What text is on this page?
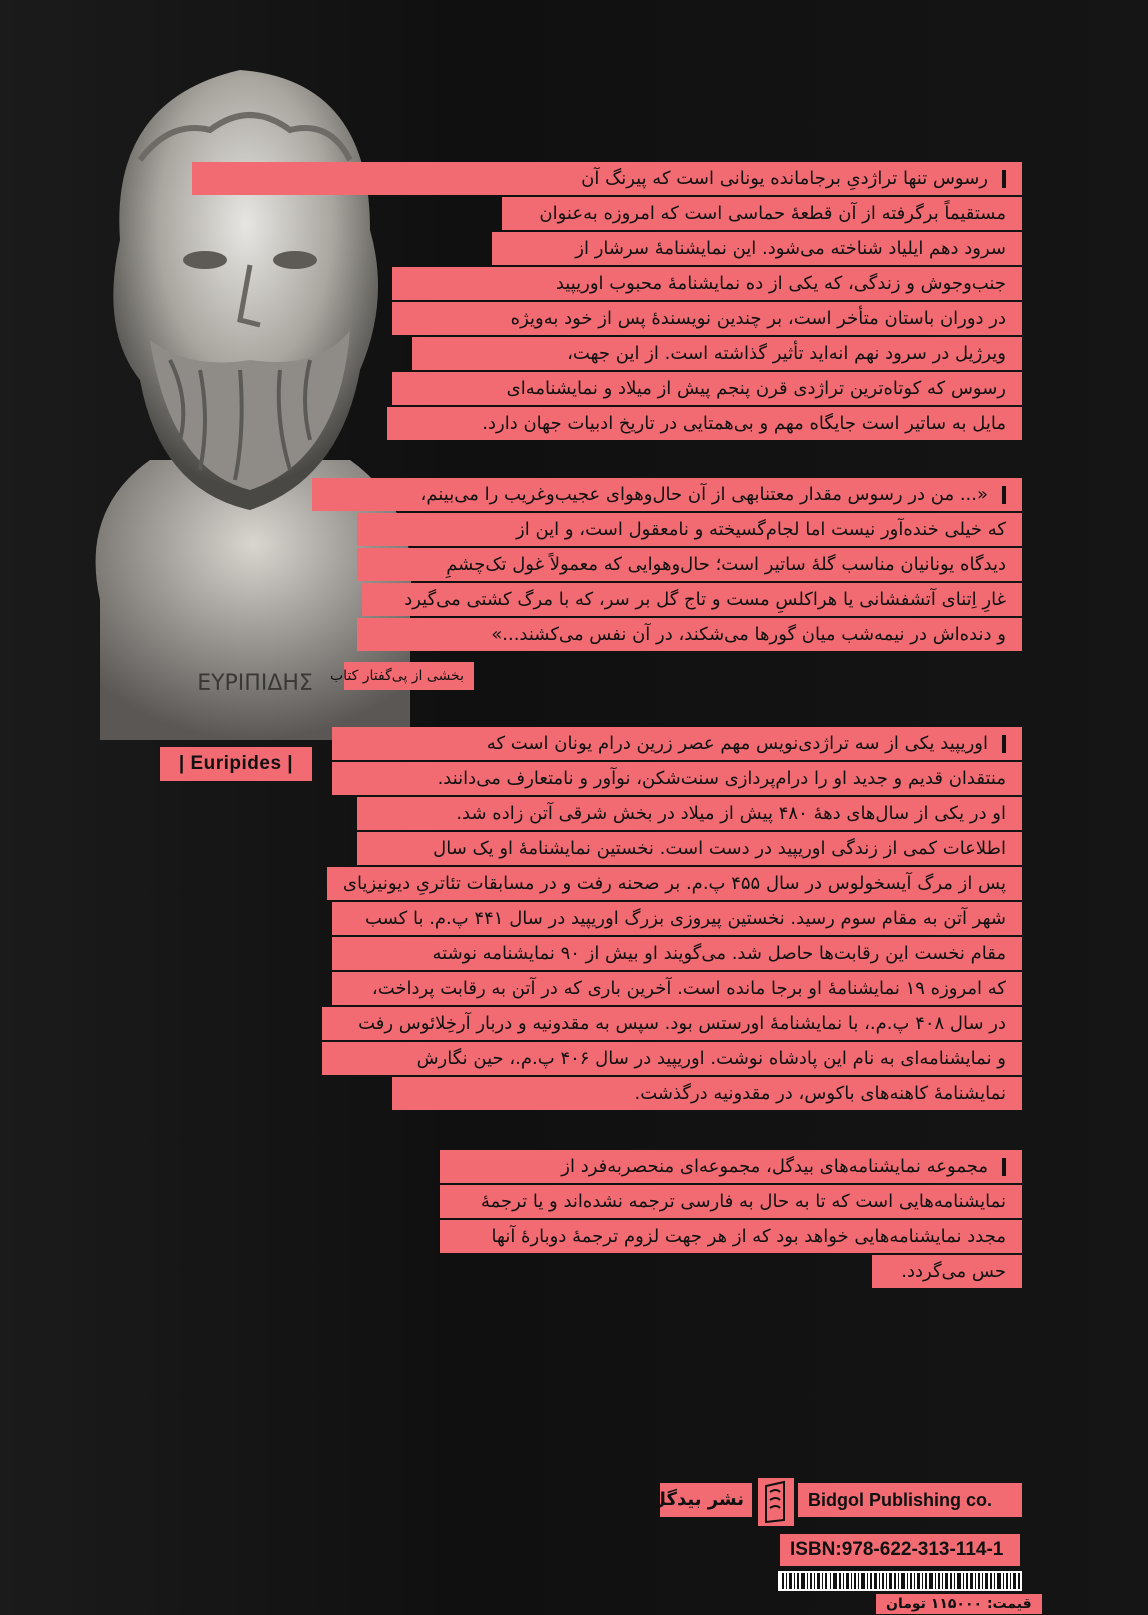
ΕΥΡΙΠΙΔΗΣ
| Euripides |
رسوس تنها تراژدیِ برجامانده یونانی است که پیرنگ آن
مستقیماً برگرفته از آن قطعهٔ حماسی است که امروزه به‌عنوان
سرود دهم ایلیاد شناخته می‌شود. این نمایشنامهٔ سرشار از
جنب‌وجوش و زندگی، که یکی از ده نمایشنامهٔ محبوب اوریپید
در دوران باستان متأخر است، بر چندین نویسندهٔ پس از خود به‌ویژه
ویرژیل در سرود نهم انه‌اید تأثیر گذاشته است. از این جهت،
رسوس که کوتاه‌ترین تراژدی قرن پنجم پیش از میلاد و نمایشنامه‌ای
مایل به ساتیر است جایگاه مهم و بی‌همتایی در تاریخ ادبیات جهان دارد.
«... من در رسوس مقدار معتنابهی از آن حال‌وهوای عجیب‌وغریب را می‌بینم،
که خیلی خنده‌آور نیست اما لجام‌گسیخته و نامعقول است، و این از
دیدگاه یونانیان مناسب گلهٔ ساتیر است؛ حال‌وهوایی که معمولاً غول تک‌چشمِ
غارِ اِتنای آتشفشانی یا هراکلسِ مست و تاج گل بر سر، که با مرگ کشتی می‌گیرد
و دنده‌اش در نیمه‌شب میان گورها می‌شکند، در آن نفس می‌کشند...»
بخشی از پی‌گفتار کتاب
اوریپید یکی از سه تراژدی‌نویس مهم عصر زرین درام یونان است که
منتقدان قدیم و جدید او را درام‌پردازی سنت‌شکن، نوآور و نامتعارف می‌دانند.
او در یکی از سال‌های دههٔ ۴۸۰ پیش از میلاد در بخش شرقی آتن زاده شد.
اطلاعات کمی از زندگی اوریپید در دست است. نخستین نمایشنامهٔ او یک سال
پس از مرگ آیسخولوس در سال ۴۵۵ پ.م. بر صحنه رفت و در مسابقات تئاتریِ دیونیزیای
شهر آتن به مقام سوم رسید. نخستین پیروزی بزرگ اوریپید در سال ۴۴۱ پ.م. با کسب
مقام نخست این رقابت‌ها حاصل شد. می‌گویند او بیش از ۹۰ نمایشنامه نوشته
که امروزه ۱۹ نمایشنامهٔ او برجا مانده است. آخرین باری که در آتن به رقابت پرداخت،
در سال ۴۰۸ پ.م.، با نمایشنامهٔ اورستس بود. سپس به مقدونیه و دربار آرخِلائوس رفت
و نمایشنامه‌ای به نام این پادشاه نوشت. اوریپید در سال ۴۰۶ پ.م.، حین نگارش
نمایشنامهٔ کاهنه‌های باکوس، در مقدونیه درگذشت.
مجموعه نمایشنامه‌های بیدگل، مجموعه‌ای منحصربه‌فرد از
نمایشنامه‌هایی است که تا به حال به فارسی ترجمه نشده‌اند و یا ترجمهٔ
مجدد نمایشنامه‌هایی خواهد بود که از هر جهت لزوم ترجمهٔ دوبارهٔ آنها
حس می‌گردد.
نشر بیدگل	Bidgol Publishing co.
ISBN:978-622-313-114-1
قیمت: ۱۱۵۰۰۰ تومان
